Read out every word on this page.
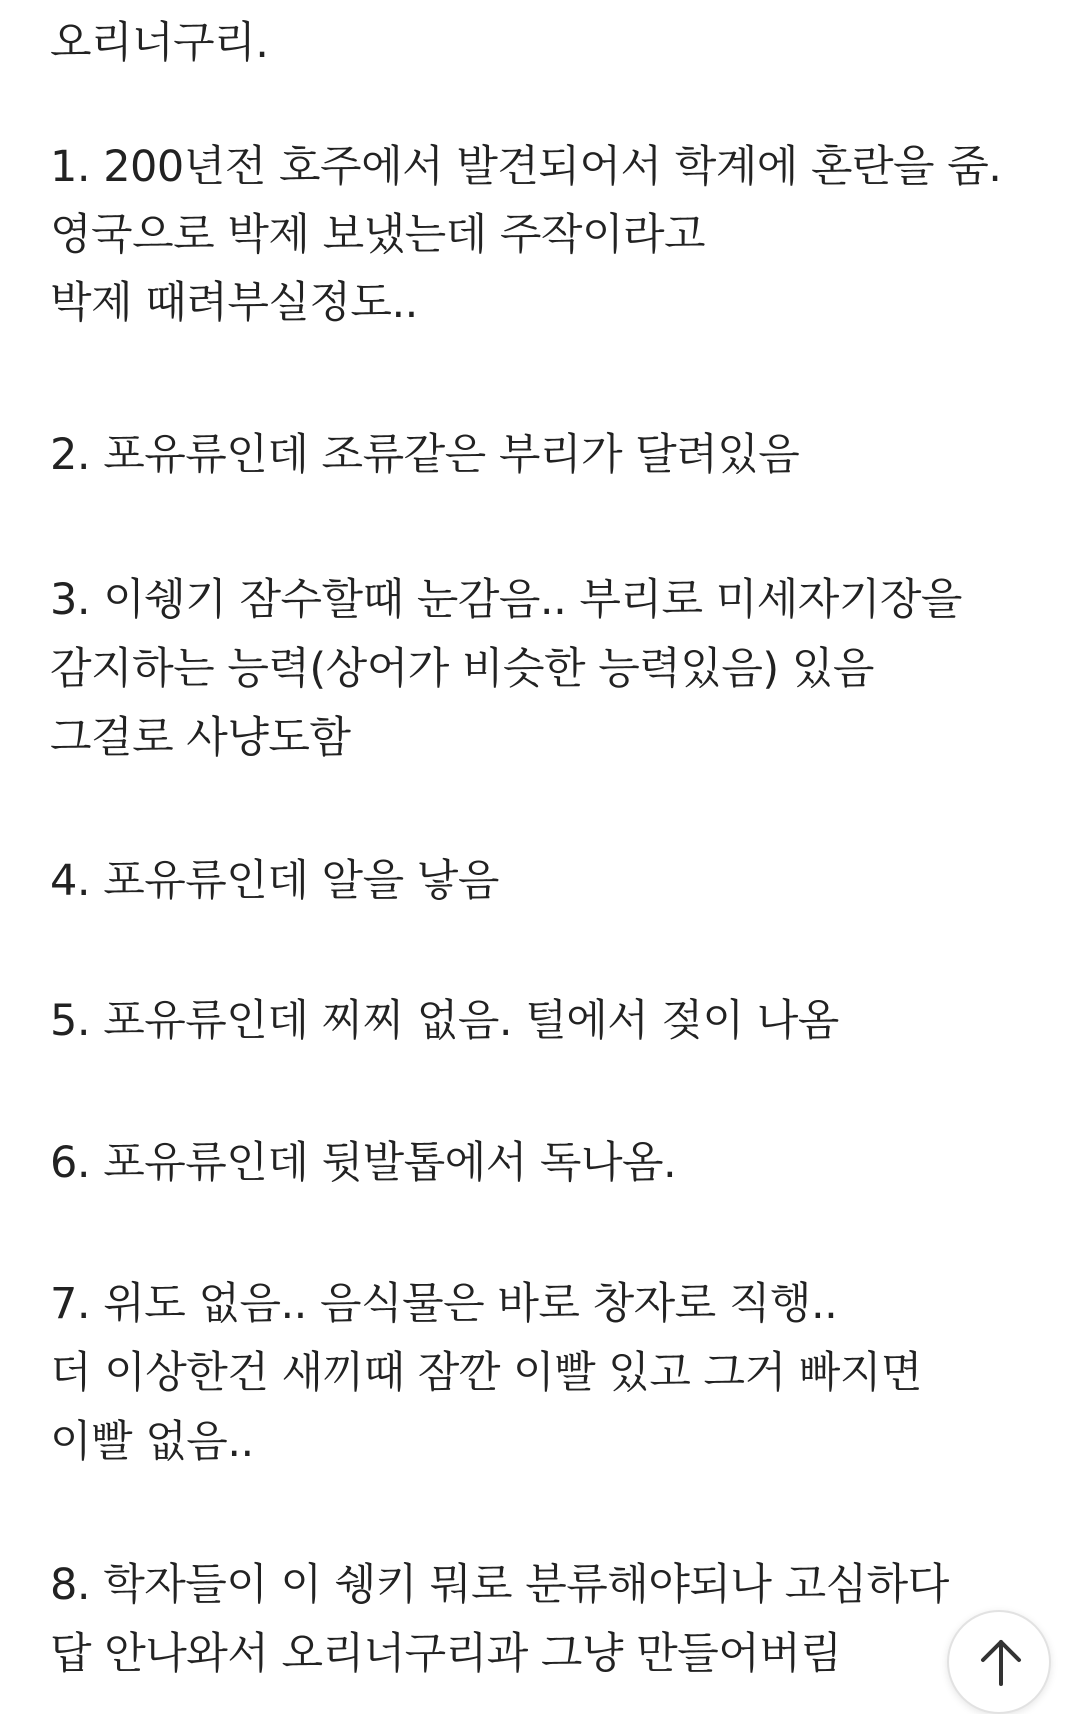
오리너구리.
1. 200년전 호주에서 발견되어서 학계에 혼란을 줌.
영국으로 박제 보냈는데 주작이라고
박제 때려부실정도..
2. 포유류인데 조류같은 부리가 달려있음
3. 이쉥기 잠수할때 눈감음.. 부리로 미세자기장을
감지하는 능력(상어가 비슷한 능력있음) 있음
그걸로 사냥도함
4. 포유류인데 알을 낳음
5. 포유류인데 찌찌 없음. 털에서 젖이 나옴
6. 포유류인데 뒷발톱에서 독나옴.
7. 위도 없음.. 음식물은 바로 창자로 직행..
더 이상한건 새끼때 잠깐 이빨 있고 그거 빠지면
이빨 없음..
8. 학자들이 이 쉥키 뭐로 분류해야되나 고심하다
답 안나와서 오리너구리과 그냥 만들어버림
